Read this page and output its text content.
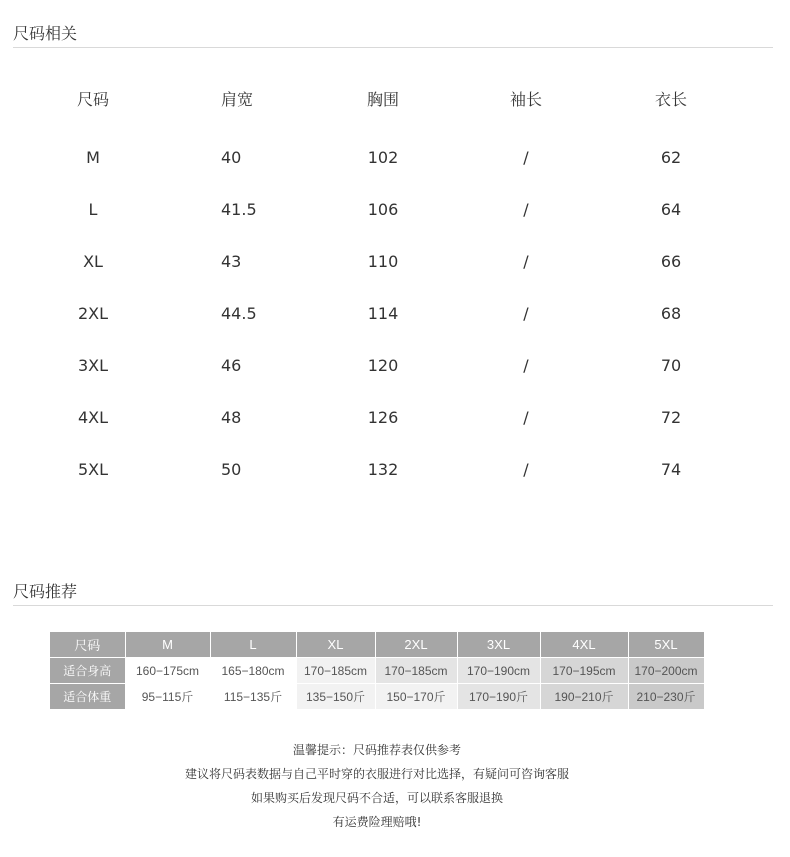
尺码相关
尺码	肩宽	胸围	袖长	衣长
M	40	102	/	62
L	41.5	106	/	64
XL	43	110	/	66
2XL	44.5	114	/	68
3XL	46	120	/	70
4XL	48	126	/	72
5XL	50	132	/	74
尺码推荐
尺码	M	L	XL	2XL	3XL	4XL	5XL
适合身高	160−175cm	165−180cm	170−185cm	170−185cm	170−190cm	170−195cm	170−200cm
适合体重	95−115斤	115−135斤	135−150斤	150−170斤	170−190斤	190−210斤	210−230斤
温馨提示：尺码推荐表仅供参考
建议将尺码表数据与自己平时穿的衣服进行对比选择，有疑问可咨询客服
如果购买后发现尺码不合适，可以联系客服退换
有运费险理赔哦!
